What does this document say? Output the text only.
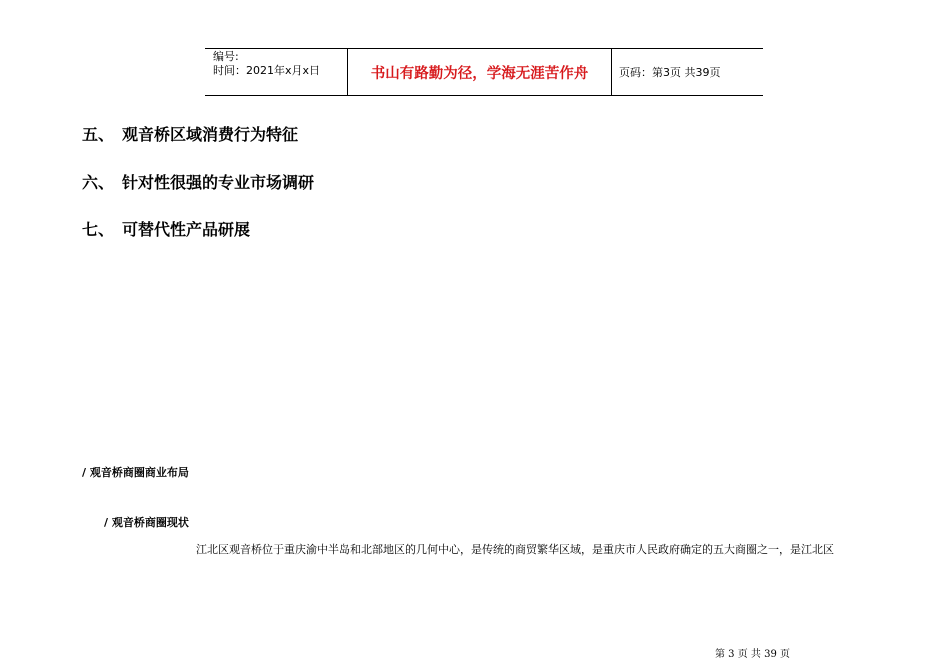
编号:
时间：2021年x月x日	书山有路勤为径，学海无涯苦作舟	页码：第3页 共39页
五、 观音桥区域消费行为特征
六、 针对性很强的专业市场调研
七、 可替代性产品研展
/ 观音桥商圈商业布局
/ 观音桥商圈现状
江北区观音桥位于重庆渝中半岛和北部地区的几何中心，是传统的商贸繁华区域，是重庆市人民政府确定的五大商圈之一，是江北区
第 3 页 共 39 页
